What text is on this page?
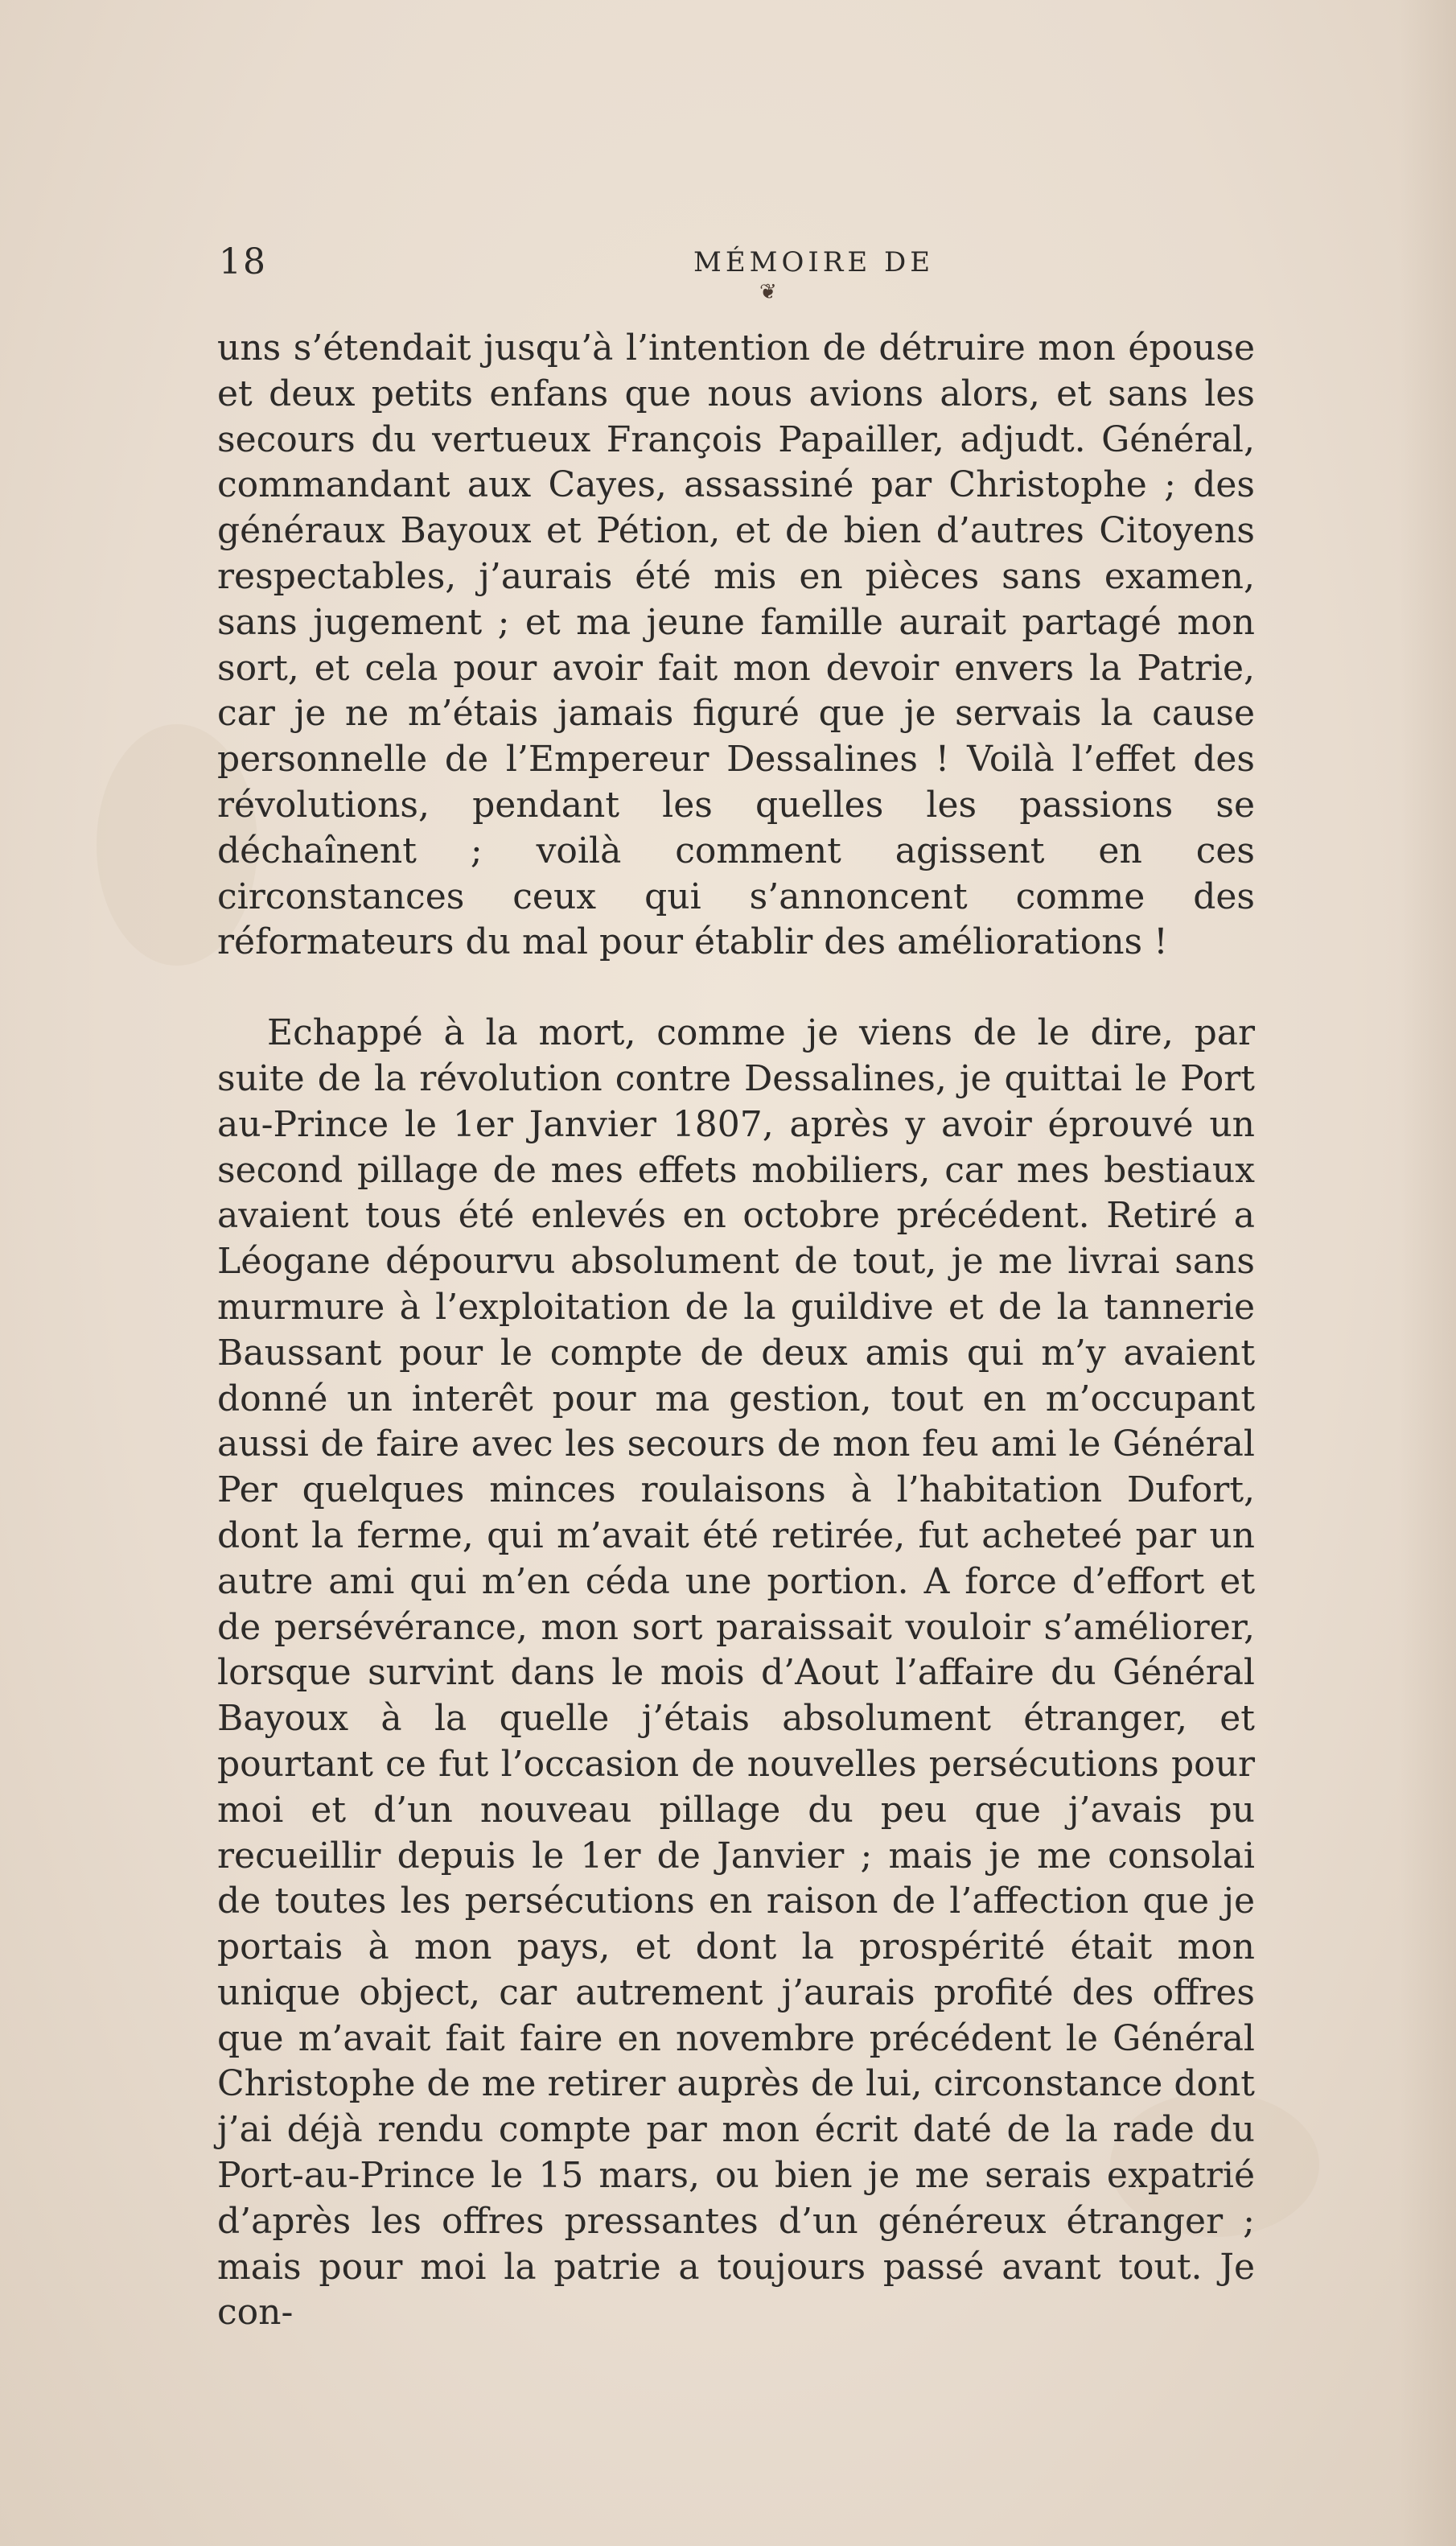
18	MÉMOIRE DE
❦

uns s’étendait jusqu’à l’intention de détruire mon épouse et deux petits enfans que nous avions alors, et sans les secours du vertueux François Papailler, adjudt. Général, commandant aux Cayes, assassiné par Christophe ; des généraux Bayoux et Pétion, et de bien d’autres Citoyens respectables, j’aurais été mis en pièces sans examen, sans jugement ; et ma jeune famille aurait partagé mon sort, et cela pour avoir fait mon devoir envers la Patrie, car je ne m’étais jamais figuré que je servais la cause personnelle de l’Empereur Dessalines ! Voilà l’effet des révolutions, pendant les quelles les passions se déchaînent ; voilà comment agissent en ces circonstances ceux qui s’annoncent comme des réformateurs du mal pour établir des améliorations !

Echappé à la mort, comme je viens de le dire, par suite de la révolution contre Dessalines, je quittai le Port au-Prince le 1er Janvier 1807, après y avoir éprouvé un second pillage de mes effets mobiliers, car mes bestiaux avaient tous été enlevés en octobre précédent. Retiré a Léogane dépourvu absolument de tout, je me livrai sans murmure à l’exploitation de la guildive et de la tannerie Baussant pour le compte de deux amis qui m’y avaient donné un interêt pour ma gestion, tout en m’occupant aussi de faire avec les secours de mon feu ami le Général Per quelques minces roulaisons à l’habitation Dufort, dont la ferme, qui m’avait été retirée, fut acheteé par un autre ami qui m’en céda une portion. A force d’effort et de persévérance, mon sort paraissait vouloir s’améliorer, lorsque survint dans le mois d’Aout l’affaire du Général Bayoux à la quelle j’étais absolument étranger, et pourtant ce fut l’occasion de nouvelles persécutions pour moi et d’un nouveau pillage du peu que j’avais pu recueillir depuis le 1er de Janvier ; mais je me consolai de toutes les persécutions en raison de l’affection que je portais à mon pays, et dont la prospérité était mon unique object, car autrement j’aurais profité des offres que m’avait fait faire en novembre précédent le Général Christophe de me retirer auprès de lui, circonstance dont j’ai déjà rendu compte par mon écrit daté de la rade du Port-au-Prince le 15 mars, ou bien je me serais expatrié d’après les offres pressantes d’un généreux étranger ; mais pour moi la patrie a toujours passé avant tout. Je con-
